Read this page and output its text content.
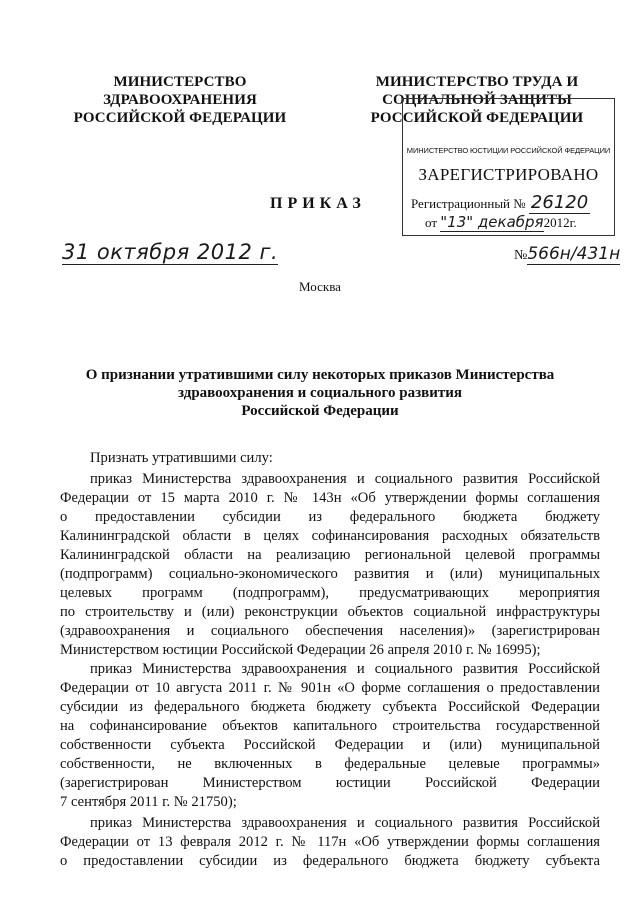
МИНИСТЕРСТВО
ЗДРАВООХРАНЕНИЯ
РОССИЙСКОЙ ФЕДЕРАЦИИ
МИНИСТЕРСТВО ТРУДА И
СОЦИАЛЬНОЙ ЗАЩИТЫ
РОССИЙСКОЙ ФЕДЕРАЦИИ
МИНИСТЕРСТВО ЮСТИЦИИ РОССИЙСКОЙ ФЕДЕРАЦИИ
ЗАРЕГИСТРИРОВАНО
Регистрационный № 26120
от "13" декабря2012г.
ПРИКАЗ
31 октября 2012 г.	№566н/431н
Москва
О признании утратившими силу некоторых приказов Министерства
здравоохранения и социального развития
Российской Федерации
Признать утратившими силу:
приказ Министерства здравоохранения и социального развития Российской
Федерации от 15 марта 2010 г. № 143н «Об утверждении формы соглашения
о предоставлении субсидии из федерального бюджета бюджету
Калининградской области в целях софинансирования расходных обязательств
Калининградской области на реализацию региональной целевой программы
(подпрограмм) социально-экономического развития и (или) муниципальных
целевых программ (подпрограмм), предусматривающих мероприятия
по строительству и (или) реконструкции объектов социальной инфраструктуры
(здравоохранения и социального обеспечения населения)» (зарегистрирован
Министерством юстиции Российской Федерации 26 апреля 2010 г. № 16995);
приказ Министерства здравоохранения и социального развития Российской
Федерации от 10 августа 2011 г. № 901н «О форме соглашения о предоставлении
субсидии из федерального бюджета бюджету субъекта Российской Федерации
на софинансирование объектов капитального строительства государственной
собственности субъекта Российской Федерации и (или) муниципальной
собственности, не включенных в федеральные целевые программы»
(зарегистрирован Министерством юстиции Российской Федерации
7 сентября 2011 г. № 21750);
приказ Министерства здравоохранения и социального развития Российской
Федерации от 13 февраля 2012 г. № 117н «Об утверждении формы соглашения
о предоставлении субсидии из федерального бюджета бюджету субъекта
